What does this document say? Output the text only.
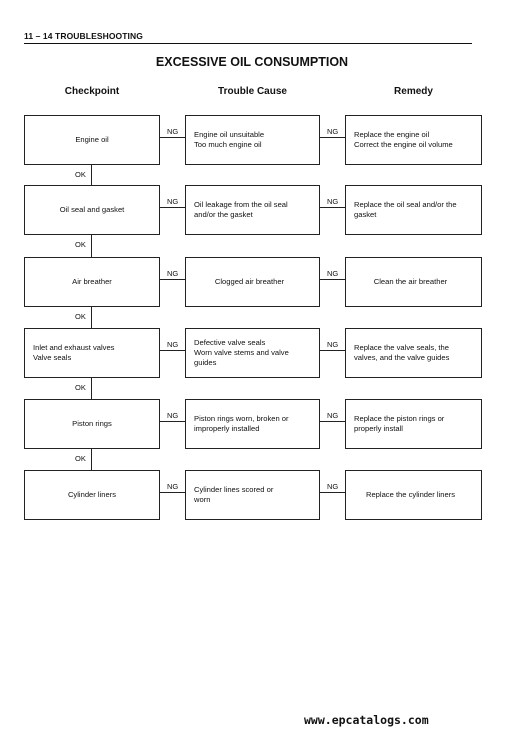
11 – 14 TROUBLESHOOTING
EXCESSIVE OIL CONSUMPTION
Checkpoint	Trouble Cause	Remedy
Engine oil
Engine oil unsuitable
Too much engine oil
Replace the engine oil
Correct the engine oil volume
NG	NG
OK
Oil seal and gasket
Oil leakage from the oil seal
and/or the gasket
Replace the oil seal and/or the
gasket
NG	NG
OK
Air breather	Clogged air breather	Clean the air breather
NG	NG
OK
Inlet and exhaust valves
Valve seals
Defective valve seals
Worn valve stems and valve
guides
Replace the valve seals, the
valves, and the valve guides
NG	NG
OK
Piston rings
Piston rings worn, broken or
improperly installed
Replace the piston rings or
properly install
NG	NG
OK
Cylinder liners
Cylinder lines scored or
worn
Replace the cylinder liners
NG	NG
www.epcatalogs.com
